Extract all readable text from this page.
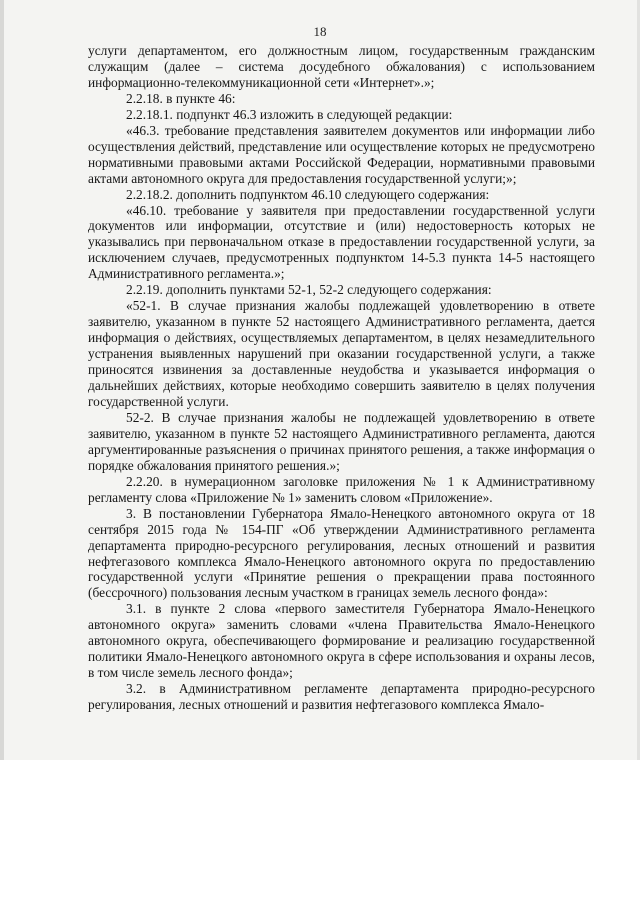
18

услуги департаментом, его должностным лицом, государственным гражданским служащим (далее – система досудебного обжалования) с использованием информационно-телекоммуникационной сети «Интернет».»;

2.2.18. в пункте 46:

2.2.18.1. подпункт 46.3 изложить в следующей редакции:

«46.3. требование представления заявителем документов или информации либо осуществления действий, представление или осуществление которых не предусмотрено нормативными правовыми актами Российской Федерации, нормативными правовыми актами автономного округа для предоставления государственной услуги;»;

2.2.18.2. дополнить подпунктом 46.10 следующего содержания:

«46.10. требование у заявителя при предоставлении государственной услуги документов или информации, отсутствие и (или) недостоверность которых не указывались при первоначальном отказе в предоставлении государственной услуги, за исключением случаев, предусмотренных подпунктом 14-5.3 пункта 14-5 настоящего Административного регламента.»;

2.2.19. дополнить пунктами 52-1, 52-2 следующего содержания:

«52-1. В случае признания жалобы подлежащей удовлетворению в ответе заявителю, указанном в пункте 52 настоящего Административного регламента, дается информация о действиях, осуществляемых департаментом, в целях незамедлительного устранения выявленных нарушений при оказании государственной услуги, а также приносятся извинения за доставленные неудобства и указывается информация о дальнейших действиях, которые необходимо совершить заявителю в целях получения государственной услуги.

52-2. В случае признания жалобы не подлежащей удовлетворению в ответе заявителю, указанном в пункте 52 настоящего Административного регламента, даются аргументированные разъяснения о причинах принятого решения, а также информация о порядке обжалования принятого решения.»;

2.2.20. в нумерационном заголовке приложения № 1 к Административному регламенту слова «Приложение № 1» заменить словом «Приложение».

3. В постановлении Губернатора Ямало-Ненецкого автономного округа от 18 сентября 2015 года № 154-ПГ «Об утверждении Административного регламента департамента природно-ресурсного регулирования, лесных отношений и развития нефтегазового комплекса Ямало-Ненецкого автономного округа по предоставлению государственной услуги «Принятие решения о прекращении права постоянного (бессрочного) пользования лесным участком в границах земель лесного фонда»:

3.1. в пункте 2 слова «первого заместителя Губернатора Ямало-Ненецкого автономного округа» заменить словами «члена Правительства Ямало-Ненецкого автономного округа, обеспечивающего формирование и реализацию государственной политики Ямало-Ненецкого автономного округа в сфере использования и охраны лесов, в том числе земель лесного фонда»;

3.2. в Административном регламенте департамента природно-ресурсного регулирования, лесных отношений и развития нефтегазового комплекса Ямало-
